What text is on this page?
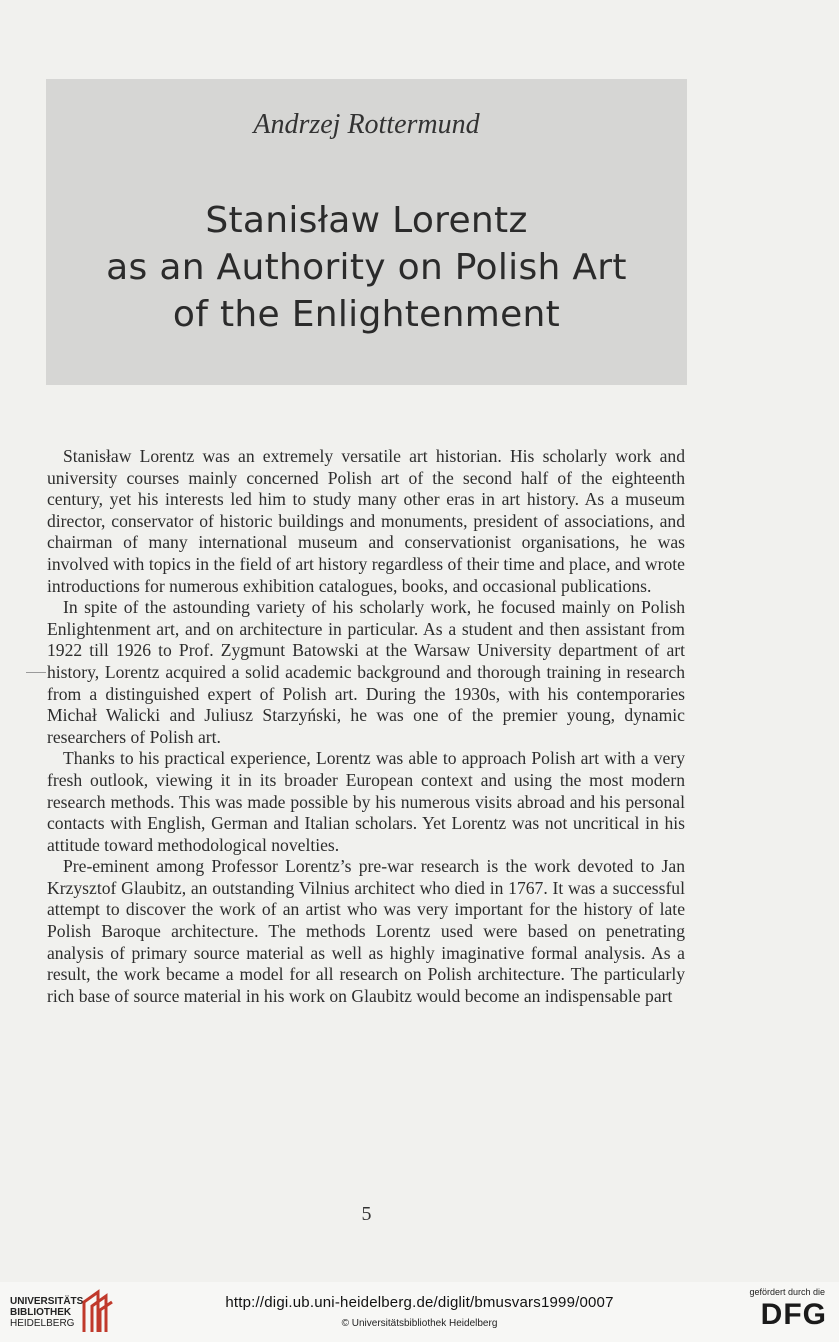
Andrzej Rottermund
Stanisław Lorentz
as an Authority on Polish Art
of the Enlightenment

Stanisław Lorentz was an extremely versatile art historian. His scholarly work and university courses mainly concerned Polish art of the second half of the eighteenth century, yet his interests led him to study many other eras in art history. As a museum director, conservator of historic buildings and monuments, president of associations, and chairman of many international museum and conservationist organisations, he was involved with topics in the field of art history regardless of their time and place, and wrote introductions for numerous exhibition catalogues, books, and occasional publications.

In spite of the astounding variety of his scholarly work, he focused mainly on Polish Enlightenment art, and on architecture in particular. As a student and then assistant from 1922 till 1926 to Prof. Zygmunt Batowski at the Warsaw University department of art history, Lorentz acquired a solid academic background and thorough training in research from a distinguished expert of Polish art. During the 1930s, with his contemporaries Michał Walicki and Juliusz Starzyński, he was one of the premier young, dynamic researchers of Polish art.

Thanks to his practical experience, Lorentz was able to approach Polish art with a very fresh outlook, viewing it in its broader European context and using the most modern research methods. This was made possible by his numerous visits abroad and his personal contacts with English, German and Italian scholars. Yet Lorentz was not uncritical in his attitude toward methodological novelties.

Pre-eminent among Professor Lorentz’s pre-war research is the work devoted to Jan Krzysztof Glaubitz, an outstanding Vilnius architect who died in 1767. It was a successful attempt to discover the work of an artist who was very important for the history of late Polish Baroque architecture. The methods Lorentz used were based on penetrating analysis of primary source material as well as highly imaginative formal analysis. As a result, the work became a model for all research on Polish architecture. The particularly rich base of source material in his work on Glaubitz would become an indispensable part

5
UNIVERSITÄTS-
BIBLIOTHEK
HEIDELBERG
http://digi.ub.uni-heidelberg.de/diglit/bmusvars1999/0007
© Universitätsbibliothek Heidelberg
gefördert durch die
DFG
